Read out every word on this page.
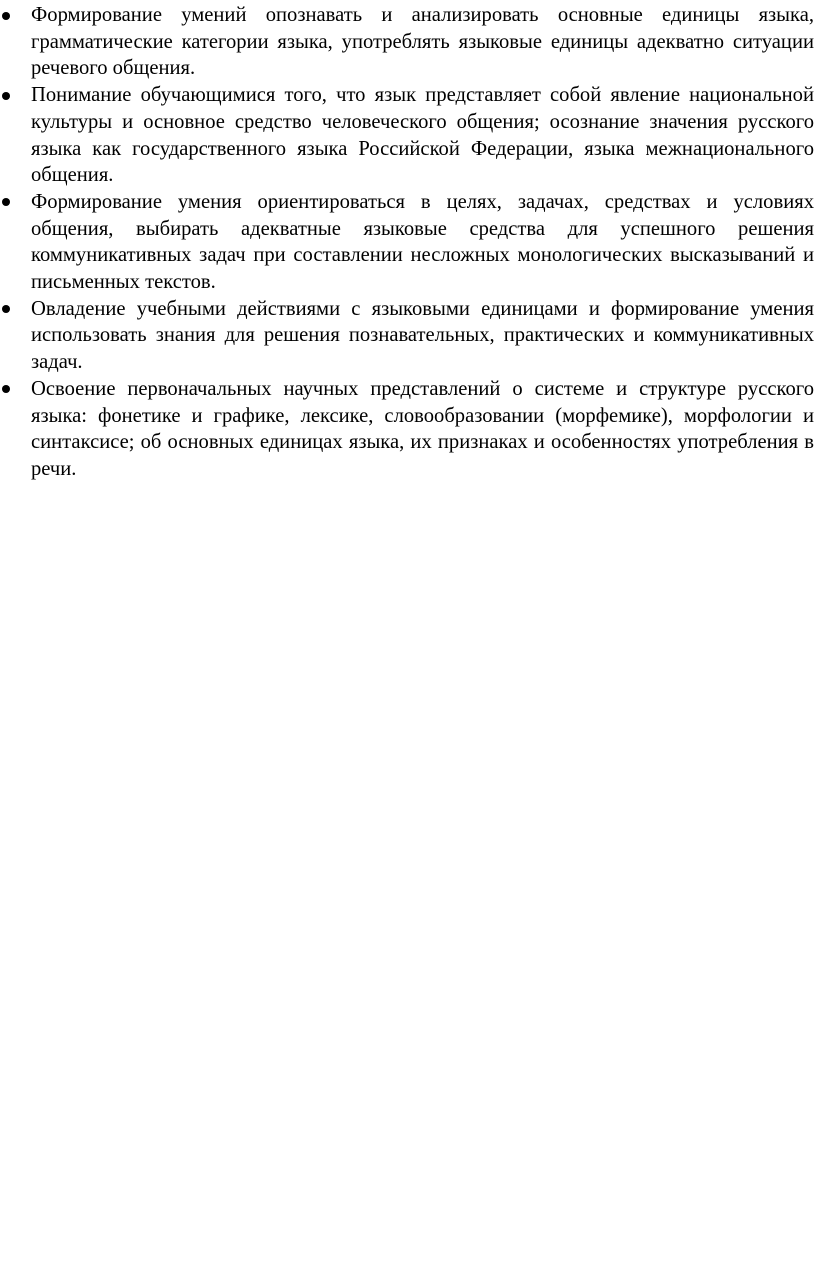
Формирование умений опознавать и анализировать основные единицы языка, грамматические категории языка, употреблять языковые единицы адекватно ситуации речевого общения.
Понимание обучающимися того, что язык представляет собой явление национальной культуры и основное средство человеческого общения; осознание значения русского языка как государственного языка Российской Федерации, языка межнационального общения.
Формирование умения ориентироваться в целях, задачах, средствах и условиях общения, выбирать адекватные языковые средства для успешного решения коммуникативных задач при составлении несложных монологических высказываний и письменных текстов.
Овладение учебными действиями с языковыми единицами и формирование умения использовать знания для решения познавательных, практических и коммуникативных задач.
Освоение первоначальных научных представлений о системе и структуре русского языка: фонетике и графике, лексике, словообразовании (морфемике), морфологии и синтаксисе; об основных единицах языка, их признаках и особенностях употребления в речи.
